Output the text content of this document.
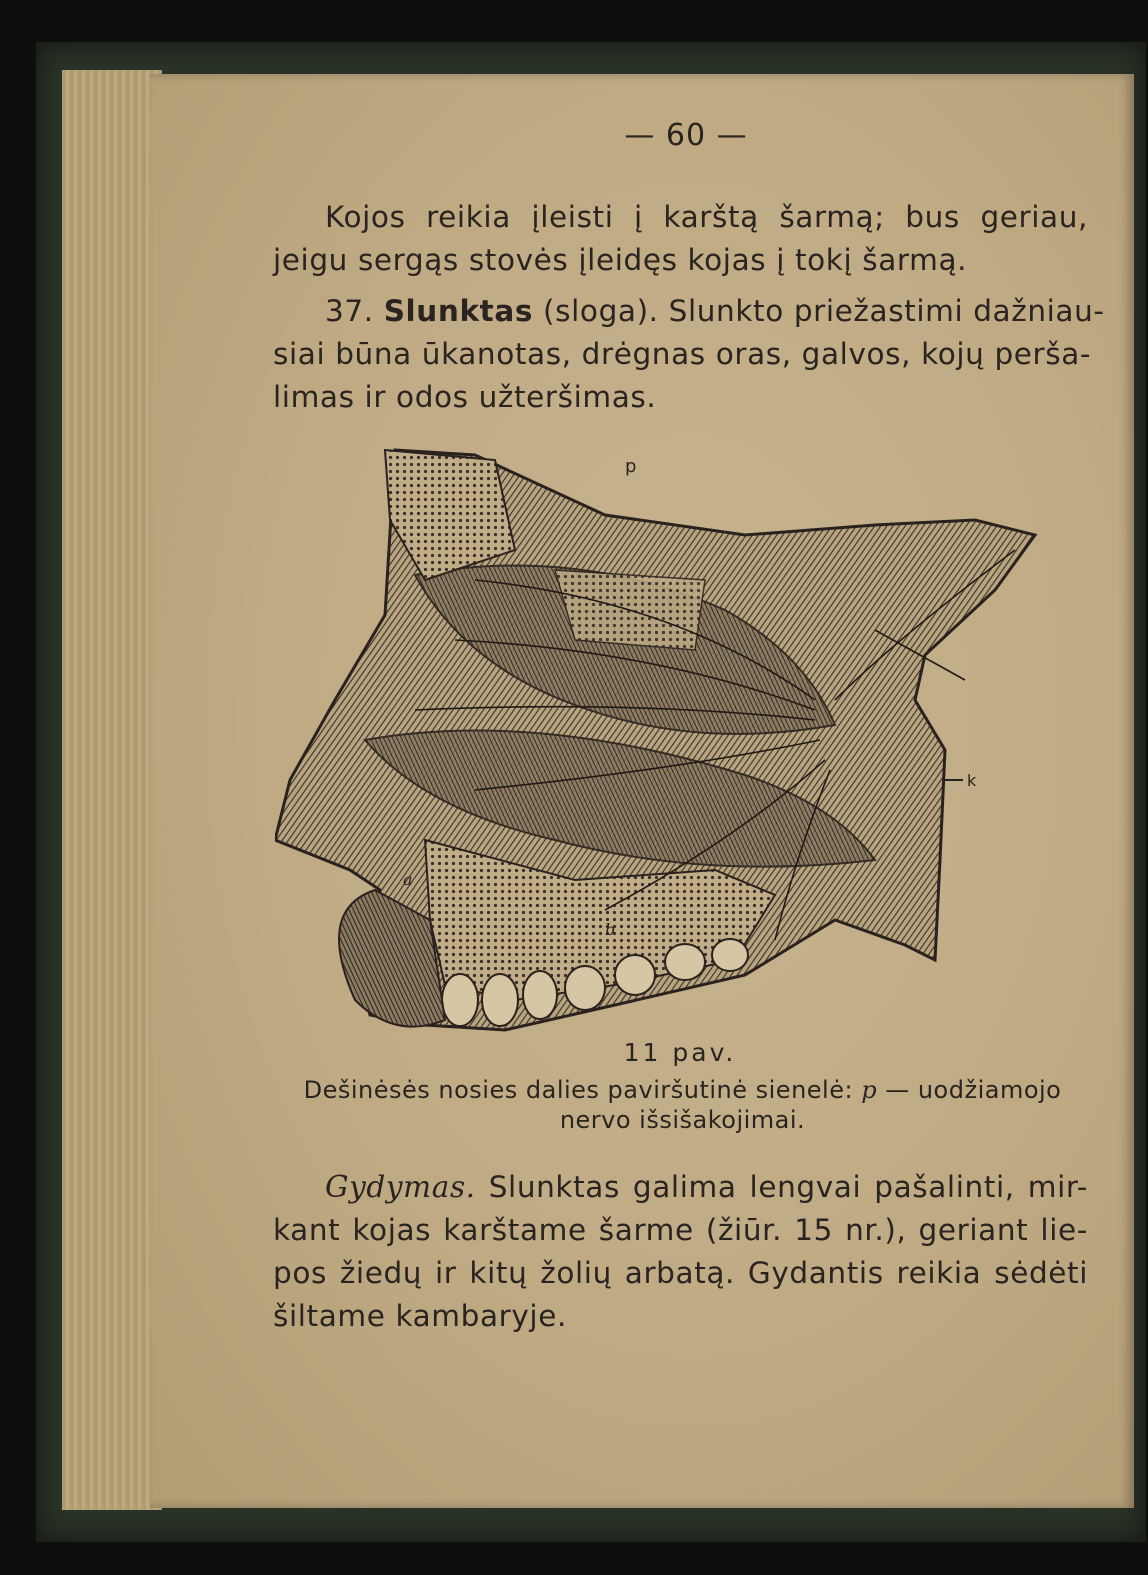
— 60 —
Kojos reikia įleisti į karštą šarmą; bus geriau,
jeigu sergąs stovės įleidęs kojas į tokį šarmą.
37. Slunktas (sloga). Slunkto priežastimi dažniau-
siai būna ūkanotas, drėgnas oras, galvos, kojų perša-
limas ir odos užteršimas.
p
k
a
b
11 pav.
Dešinėsės nosies dalies paviršutinė sienelė: p — uodžiamojo
nervo išsišakojimai.
Gydymas. Slunktas galima lengvai pašalinti, mir-
kant kojas karštame šarme (žiūr. 15 nr.), geriant lie-
pos žiedų ir kitų žolių arbatą. Gydantis reikia sėdėti
šiltame kambaryje.
